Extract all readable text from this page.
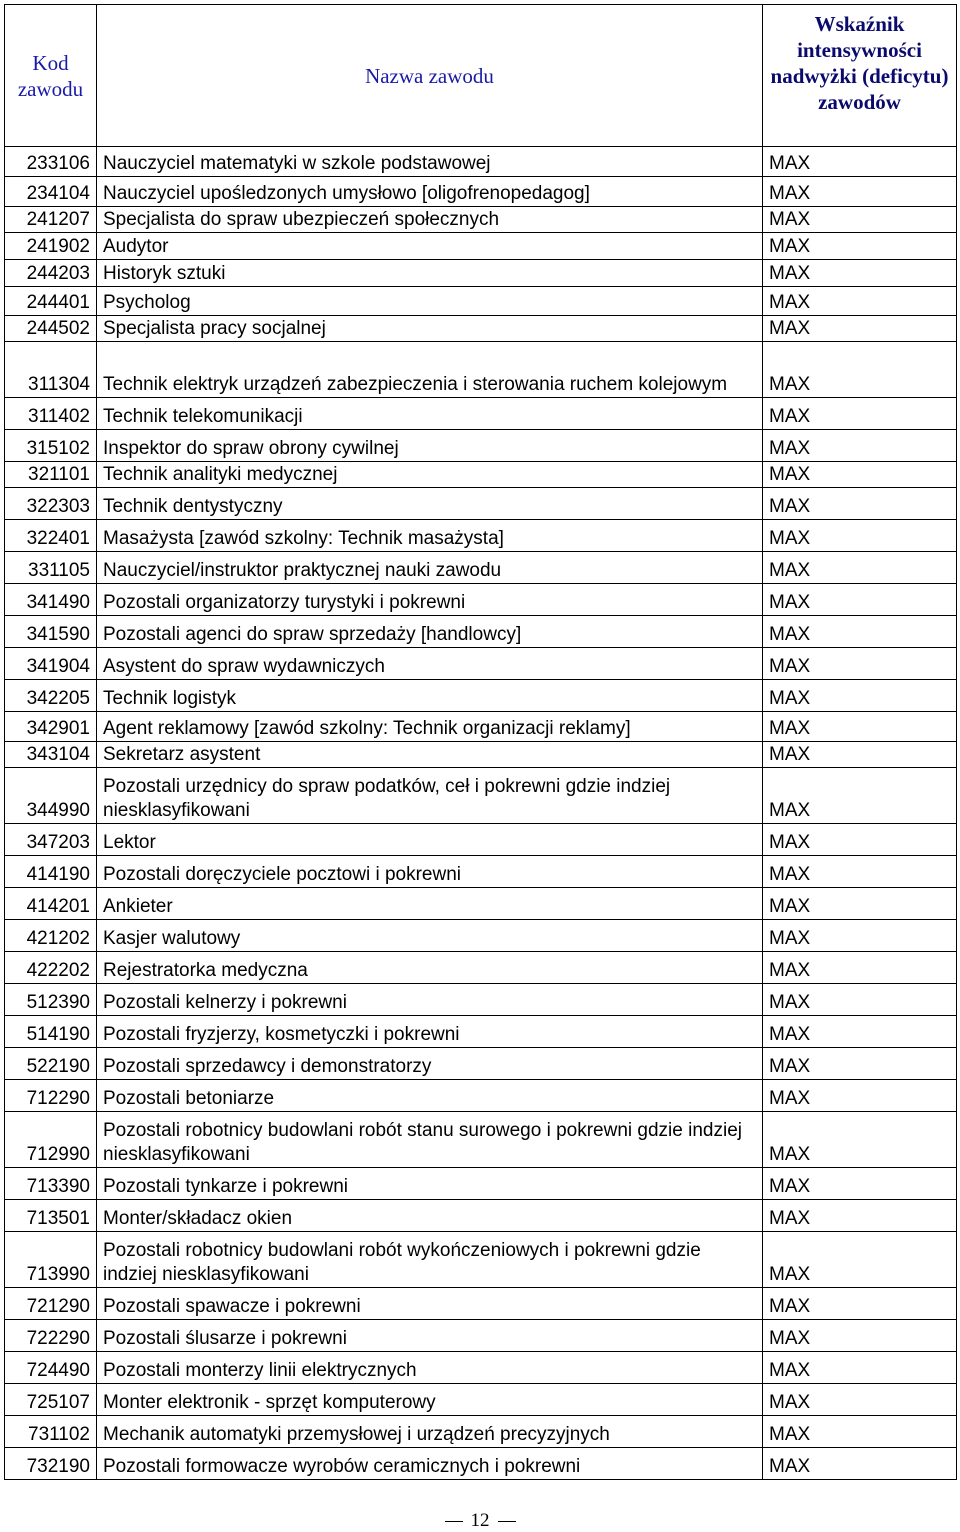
Kod zawodu	Nazwa zawodu	Wskaźnik intensywności nadwyżki (deficytu) zawodów
233106	Nauczyciel matematyki w szkole podstawowej	MAX
234104	Nauczyciel upośledzonych umysłowo [oligofrenopedagog]	MAX
241207	Specjalista do spraw ubezpieczeń społecznych	MAX
241902	Audytor	MAX
244203	Historyk sztuki	MAX
244401	Psycholog	MAX
244502	Specjalista pracy socjalnej	MAX
311304	Technik elektryk urządzeń zabezpieczenia i sterowania ruchem kolejowym	MAX
311402	Technik telekomunikacji	MAX
315102	Inspektor do spraw obrony cywilnej	MAX
321101	Technik analityki medycznej	MAX
322303	Technik dentystyczny	MAX
322401	Masażysta [zawód szkolny: Technik masażysta]	MAX
331105	Nauczyciel/instruktor praktycznej nauki zawodu	MAX
341490	Pozostali organizatorzy turystyki i pokrewni	MAX
341590	Pozostali agenci do spraw sprzedaży [handlowcy]	MAX
341904	Asystent do spraw wydawniczych	MAX
342205	Technik logistyk	MAX
342901	Agent reklamowy [zawód szkolny: Technik organizacji reklamy]	MAX
343104	Sekretarz asystent	MAX
344990	Pozostali urzędnicy do spraw podatków, ceł i pokrewni gdzie indziej niesklasyfikowani	MAX
347203	Lektor	MAX
414190	Pozostali doręczyciele pocztowi i pokrewni	MAX
414201	Ankieter	MAX
421202	Kasjer walutowy	MAX
422202	Rejestratorka medyczna	MAX
512390	Pozostali kelnerzy i pokrewni	MAX
514190	Pozostali fryzjerzy, kosmetyczki i pokrewni	MAX
522190	Pozostali sprzedawcy i demonstratorzy	MAX
712290	Pozostali betoniarze	MAX
712990	Pozostali robotnicy budowlani robót stanu surowego i pokrewni gdzie indziej niesklasyfikowani	MAX
713390	Pozostali tynkarze i pokrewni	MAX
713501	Monter/składacz okien	MAX
713990	Pozostali robotnicy budowlani robót wykończeniowych i pokrewni gdzie indziej niesklasyfikowani	MAX
721290	Pozostali spawacze i pokrewni	MAX
722290	Pozostali ślusarze i pokrewni	MAX
724490	Pozostali monterzy linii elektrycznych	MAX
725107	Monter elektronik - sprzęt komputerowy	MAX
731102	Mechanik automatyki przemysłowej i urządzeń precyzyjnych	MAX
732190	Pozostali formowacze wyrobów ceramicznych i pokrewni	MAX
12
